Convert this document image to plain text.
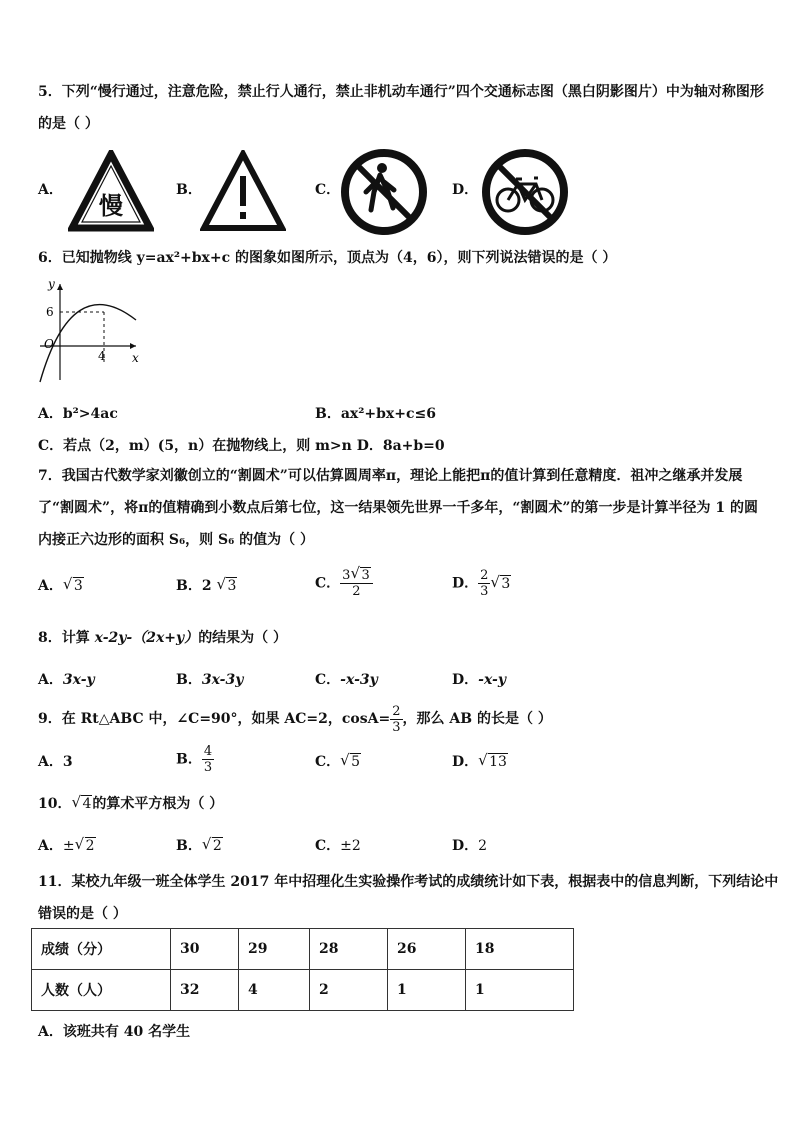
5．下列“慢行通过，注意危险，禁止行人通行，禁止非机动车通行”四个交通标志图（黑白阴影图片）中为轴对称图形
的是（ ）
A．
慢
B．	C．	D．
6．已知抛物线 y=ax²+bx+c 的图象如图所示，顶点为（4，6），则下列说法错误的是（ ）
y
x
O
6
4
A．b²>4ac	B．ax²+bx+c≤6
C．若点（2，m）(5，n）在抛物线上，则 m>n D．8a+b=0
7．我国古代数学家刘徽创立的“割圆术”可以估算圆周率π，理论上能把π的值计算到任意精度．祖冲之继承并发展
了“割圆术”，将π的值精确到小数点后第七位，这一结果领先世界一千多年，“割圆术”的第一步是计算半径为 1 的圆
内接正六边形的面积 S₆，则 S₆ 的值为（ ）
A． √ 3	B．2 √ 3	C． $\frac{3 √ 3}{2}$	D． $\frac{2}{3}$ √ 3
8．计算 x-2y-（2x+y）的结果为（ ）
A．3x-y	B．3x-3y	C．-x-3y	D．-x-y
9．在 Rt△ABC 中，∠C=90°，如果 AC=2，$\cos A= \frac{2}{3}$ ，那么 AB 的长是（ ）
A．3	B． $\frac{4}{3}$	C． √ 5	D． √ 13
10． √ 4的算术平方根为（ ）
A．± √ 2	B． √ 2	C．±2	D．2
11．某校九年级一班全体学生 2017 年中招理化生实验操作考试的成绩统计如下表，根据表中的信息判断，下列结论中
错误的是（ ）
成绩（分）	30	29	28	26	18
人数（人）	32	4	2	1	1
A．该班共有 40 名学生
